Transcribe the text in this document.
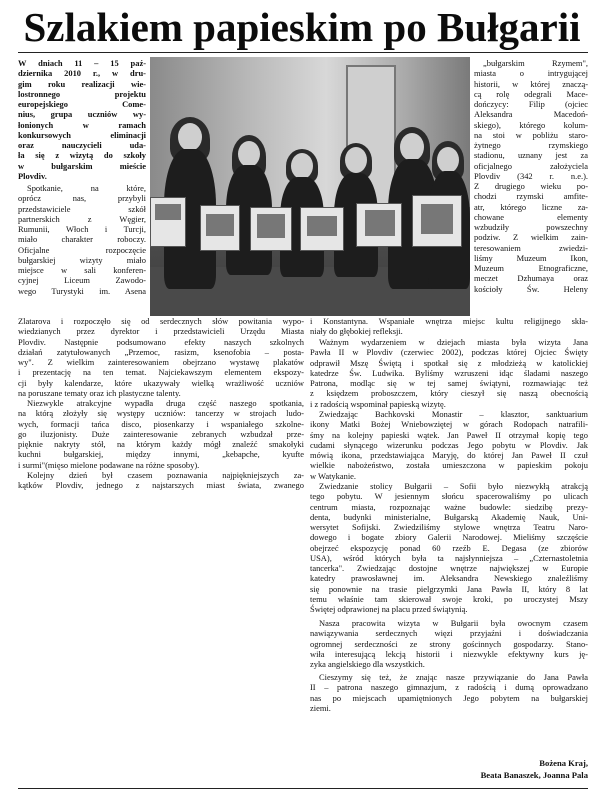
Szlakiem papieskim po Bułgarii
W dniach 11 – 15 paź-
dziernika 2010 r., w dru-
gim roku realizacji wie-
lostronnego projektu
europejskiego Come-
nius, grupa uczniów wy-
łonionych w ramach
konkursowych eliminacji
oraz nauczycieli uda-
ła się z wizytą do szkoły
w bułgarskim mieście
Plovdiv.
Spotkanie, na które,
oprócz nas, przybyli
przedstawiciele szkół
partnerskich z Węgier,
Rumunii, Włoch i Turcji,
miało charakter roboczy.
Oficjalne rozpoczęcie
bułgarskiej wizyty miało
miejsce w sali konferen-
cyjnej Liceum Zawodo-
wego Turystyki im. Asena
Zlatarova i rozpoczęło się od serdecznych słów powitania wypo-
wiedzianych przez dyrektor i przedstawicieli Urzędu Miasta
Plovdiv. Następnie podsumowano efekty naszych szkolnych
działań zatytułowanych „Przemoc, rasizm, ksenofobia – posta-
wy". Z wielkim zainteresowaniem obejrzano wystawę plakatów
i prezentację na ten temat. Najciekawszym elementem ekspozy-
cji były kalendarze, które ukazywały wielką wrażliwość uczniów
na poruszane tematy oraz ich plastyczne talenty.
Niezwykle atrakcyjne wypadła druga część naszego spotkania,
na którą złożyły się występy uczniów: tancerzy w strojach ludo-
wych, formacji tańca disco, piosenkarzy i wspaniałego szkolne-
go iluzjonisty. Duże zainteresowanie zebranych wzbudzał prze-
pięknie nakryty stół, na którym każdy mógł znaleźć smakołyki
kuchni bułgarskiej, między innymi, „kebapche, kyufte
i surmi"(mięso mielone podawane na różne sposoby).
Kolejny dzień był czasem poznawania najpiękniejszych za-
kątków Plovdiv, jednego z najstarszych miast świata, zwanego
„bułgarskim Rzymem",
miasta o intrygującej
historii, w której znaczą-
cą rolę odegrali Mace-
dończycy: Filip (ojciec
Aleksandra Macedoń-
skiego), którego kolum-
na stoi w pobliżu staro-
żytnego rzymskiego
stadionu, uznany jest za
oficjalnego założyciela
Plovdiv (342 r. n.e.).
Z drugiego wieku po-
chodzi rzymski amfite-
atr, którego liczne za-
chowane elementy
wzbudziły powszechny
podziw. Z wielkim zain-
teresowaniem zwiedzi-
liśmy Muzeum Ikon,
Muzeum Etnograficzne,
meczet Dzhumaya oraz
kościoły Św. Heleny
i Konstantyna. Wspaniałe wnętrza miejsc kultu religijnego skła-
niały do głębokiej refleksji.
Ważnym wydarzeniem w dziejach miasta była wizyta Jana
Pawła II w Plovdiv (czerwiec 2002), podczas której Ojciec Święty
odprawił Mszę Świętą i spotkał się z młodzieżą w katolickiej
katedrze Św. Ludwika. Byliśmy wzruszeni idąc śladami naszego
Patrona, modląc się w tej samej świątyni, rozmawiając też
z księdzem proboszczem, który cieszył się naszą obecnością
i z radością wspominał papieską wizytę.
Zwiedzając Bachkovski Monastir – klasztor, sanktuarium
ikony Matki Bożej Wniebowziętej w górach Rodopach natrafili-
śmy na kolejny papieski wątek. Jan Paweł II otrzymał kopię tego
cudami słynącego wizerunku podczas Jego pobytu w Plovdiv. Jak
mówią ikona, przedstawiająca Maryję, do której Jan Paweł II czuł
wielkie nabożeństwo, została umieszczona w papieskim pokoju
w Watykanie.
Zwiedzanie stolicy Bułgarii – Sofii było niezwykłą atrakcją
tego pobytu. W jesiennym słońcu spacerowaliśmy po ulicach
centrum miasta, rozpoznając ważne budowle: siedzibę prezy-
denta, budynki ministerialne, Bułgarską Akademię Nauk, Uni-
wersytet Sofijski. Zwiedziliśmy stylowe wnętrza Teatru Naro-
dowego i bogate zbiory Galerii Narodowej. Mieliśmy szczęście
obejrzeć ekspozycję ponad 60 rzeźb E. Degasa (ze zbiorów
USA), wśród których była ta najsłynniejsza – „Czternastoletnia
tancerka". Zwiedzając dostojne wnętrze największej w Europie
katedry prawosławnej im. Aleksandra Newskiego znaleźliśmy
się ponownie na trasie pielgrzymki Jana Pawła II, który 8 lat
temu właśnie tam skierował swoje kroki, po uroczystej Mszy
Świętej odprawionej na placu przed świątynią.
Nasza pracowita wizyta w Bułgarii była owocnym czasem
nawiązywania serdecznych więzi przyjaźni i doświadczania
ogromnej serdeczności ze strony gościnnych gospodarzy. Stano-
wiła interesującą lekcją historii i niezwykle efektywny kurs ję-
zyka angielskiego dla wszystkich.
Cieszymy się też, że znając nasze przywiązanie do Jana Pawła
II – patrona naszego gimnazjum, z radością i dumą oprowadzano
nas po miejscach upamiętnionych Jego pobytem na bułgarskiej
ziemi.
Bożena Kraj,
Beata Banaszek, Joanna Pala
